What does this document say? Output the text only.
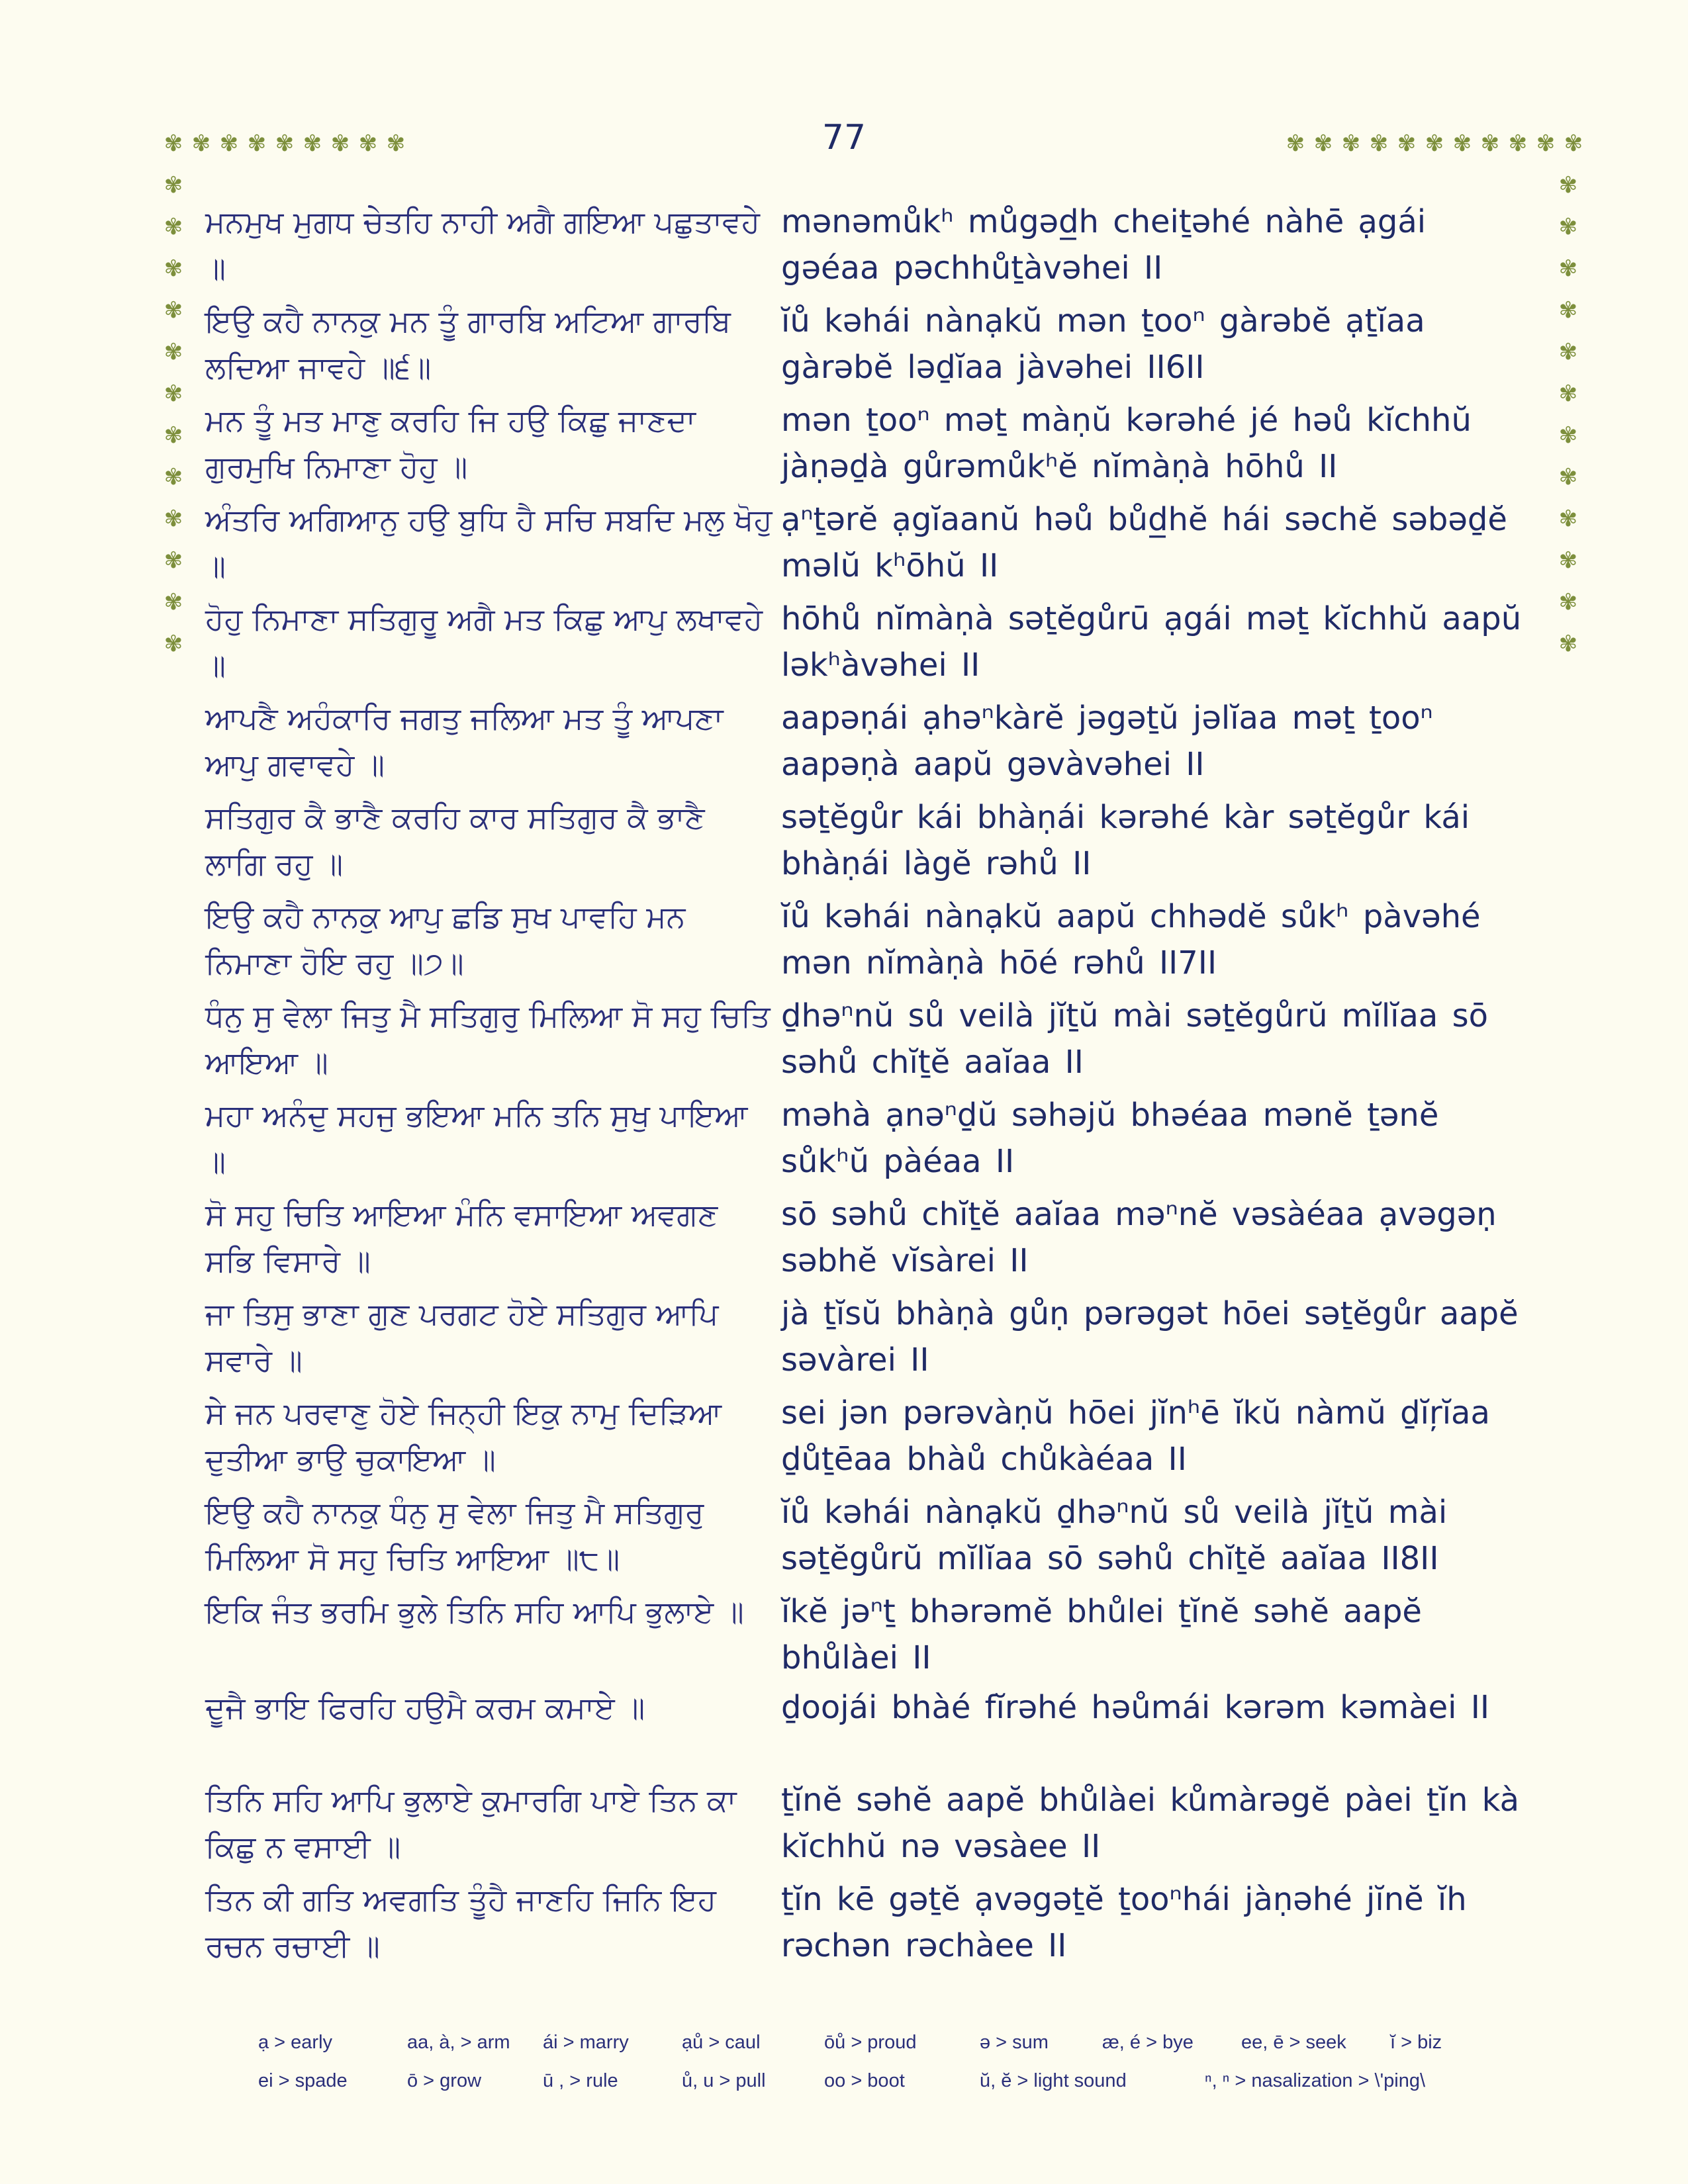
77
✾ ✾ ✾ ✾ ✾ ✾ ✾ ✾ ✾
✾
✾
✾
✾
✾
✾
✾
✾
✾
✾
✾
✾
✾ ✾ ✾ ✾ ✾ ✾ ✾ ✾ ✾ ✾ ✾
✾
✾
✾
✾
✾
✾
✾
✾
✾
✾
✾
✾
ਮਨਮੁਖ ਮੁਗਧ ਚੇਤਹਿ ਨਾਹੀ ਅਗੈ ਗਇਆ ਪਛੁਤਾਵਹੇ ॥
mənəmůkʰ můgəd̲h cheiṯəhé nàhē ạgái gəéaa pəchhůṯàvəhei II
ਇਉ ਕਹੈ ਨਾਨਕੁ ਮਨ ਤੂੰ ਗਾਰਬਿ ਅਟਿਆ ਗਾਰਬਿ ਲਦਿਆ ਜਾਵਹੇ ॥੬॥
ĭů kəhái nànạkŭ mən ṯooⁿ gàrəbĕ ạṯĭaa gàrəbĕ ləḏĭaa jàvəhei II6II
ਮਨ ਤੂੰ ਮਤ ਮਾਣੁ ਕਰਹਿ ਜਿ ਹਉ ਕਿਛੁ ਜਾਣਦਾ ਗੁਰਮੁਖਿ ਨਿਮਾਣਾ ਹੋਹੁ ॥
mən ṯooⁿ məṯ màṇŭ kərəhé jé həů kĭchhŭ jàṇəḏà gůrəmůkʰĕ nĭmàṇà hōhů II
ਅੰਤਰਿ ਅਗਿਆਨੁ ਹਉ ਬੁਧਿ ਹੈ ਸਚਿ ਸਬਦਿ ਮਲੁ ਖੋਹੁ ॥
ạⁿṯərĕ ạgĭaanŭ həů bůd̲hĕ hái səchĕ səbəḏĕ məlŭ kʰōhŭ II
ਹੋਹੁ ਨਿਮਾਣਾ ਸਤਿਗੁਰੂ ਅਗੈ ਮਤ ਕਿਛੁ ਆਪੁ ਲਖਾਵਹੇ ॥
hōhů nĭmàṇà səṯĕgůrū ạgái məṯ kĭchhŭ aapŭ ləkʰàvəhei II
ਆਪਣੈ ਅਹੰਕਾਰਿ ਜਗਤੁ ਜਲਿਆ ਮਤ ਤੂੰ ਆਪਣਾ ਆਪੁ ਗਵਾਵਹੇ ॥
aapəṇái ạhəⁿkàrĕ jəgəṯŭ jəlĭaa məṯ ṯooⁿ aapəṇà aapŭ gəvàvəhei II
ਸਤਿਗੁਰ ਕੈ ਭਾਣੈ ਕਰਹਿ ਕਾਰ ਸਤਿਗੁਰ ਕੈ ਭਾਣੈ ਲਾਗਿ ਰਹੁ ॥
səṯĕgůr kái bhàṇái kərəhé kàr səṯĕgůr kái bhàṇái làgĕ rəhů II
ਇਉ ਕਹੈ ਨਾਨਕੁ ਆਪੁ ਛਡਿ ਸੁਖ ਪਾਵਹਿ ਮਨ ਨਿਮਾਣਾ ਹੋਇ ਰਹੁ ॥੭॥
ĭů kəhái nànạkŭ aapŭ chhədĕ sůkʰ pàvəhé mən nĭmàṇà hōé rəhů II7II
ਧੰਨੁ ਸੁ ਵੇਲਾ ਜਿਤੁ ਮੈ ਸਤਿਗੁਰੁ ਮਿਲਿਆ ਸੋ ਸਹੁ ਚਿਤਿ ਆਇਆ ॥
ḏhəⁿnŭ sů veilà jĭṯŭ mài səṯĕgůrŭ mĭlĭaa sō səhů chĭṯĕ aaĭaa II
ਮਹਾ ਅਨੰਦੁ ਸਹਜੁ ਭਇਆ ਮਨਿ ਤਨਿ ਸੁਖੁ ਪਾਇਆ ॥
məhà ạnəⁿḏŭ səhəjŭ bhəéaa mənĕ ṯənĕ sůkʰŭ pàéaa II
ਸੋ ਸਹੁ ਚਿਤਿ ਆਇਆ ਮੰਨਿ ਵਸਾਇਆ ਅਵਗਣ ਸਭਿ ਵਿਸਾਰੇ ॥
sō səhů chĭṯĕ aaĭaa məⁿnĕ vəsàéaa ạvəgəṇ səbhĕ vĭsàrei II
ਜਾ ਤਿਸੁ ਭਾਣਾ ਗੁਣ ਪਰਗਟ ਹੋਏ ਸਤਿਗੁਰ ਆਪਿ ਸਵਾਰੇ ॥
jà ṯĭsŭ bhàṇà gůṇ pərəgət hōei səṯĕgůr aapĕ səvàrei II
ਸੇ ਜਨ ਪਰਵਾਣੁ ਹੋਏ ਜਿਨ੍ਹੀ ਇਕੁ ਨਾਮੁ ਦਿੜਿਆ ਦੁਤੀਆ ਭਾਉ ਚੁਕਾਇਆ ॥
sei jən pərəvàṇŭ hōei jĭnʰē ĭkŭ nàmŭ ḏĭŗĭaa ḏůṯēaa bhàů chůkàéaa II
ਇਉ ਕਹੈ ਨਾਨਕੁ ਧੰਨੁ ਸੁ ਵੇਲਾ ਜਿਤੁ ਮੈ ਸਤਿਗੁਰੁ ਮਿਲਿਆ ਸੋ ਸਹੁ ਚਿਤਿ ਆਇਆ ॥੮॥
ĭů kəhái nànạkŭ ḏhəⁿnŭ sů veilà jĭṯŭ mài səṯĕgůrŭ mĭlĭaa sō səhů chĭṯĕ aaĭaa II8II
ਇਕਿ ਜੰਤ ਭਰਮਿ ਭੁਲੇ ਤਿਨਿ ਸਹਿ ਆਪਿ ਭੁਲਾਏ ॥	ĭkĕ jəⁿṯ bhərəmĕ bhůlei ṯĭnĕ səhĕ aapĕ bhůlàei II
ਦੂਜੈ ਭਾਇ ਫਿਰਹਿ ਹਉਮੈ ਕਰਮ ਕਮਾਏ ॥	ḏoojái bhàé fĭrəhé həůmái kərəm kəmàei II
ਤਿਨਿ ਸਹਿ ਆਪਿ ਭੁਲਾਏ ਕੁਮਾਰਗਿ ਪਾਏ ਤਿਨ ਕਾ ਕਿਛੁ ਨ ਵਸਾਈ ॥
ṯĭnĕ səhĕ aapĕ bhůlàei kůmàrəgĕ pàei ṯĭn kà kĭchhŭ nə vəsàee II
ਤਿਨ ਕੀ ਗਤਿ ਅਵਗਤਿ ਤੂੰਹੈ ਜਾਣਹਿ ਜਿਨਿ ਇਹ ਰਚਨ ਰਚਾਈ ॥
ṯĭn kē gəṯĕ ạvəgəṯĕ ṯooⁿhái jàṇəhé jĭnĕ ĭh rəchən rəchàee II
ạ > early	aa, à, > arm ái > marry	ạů > caul	ōů > proud	ə > sum	æ, é > bye ee, ē > seek ĭ > biz
ei > spade	ō > grow	ū , > rule	ů, u > pull	oo > boot	ŭ, ĕ > light sound	ⁿ, ⁿ > nasalization > \'ping\
